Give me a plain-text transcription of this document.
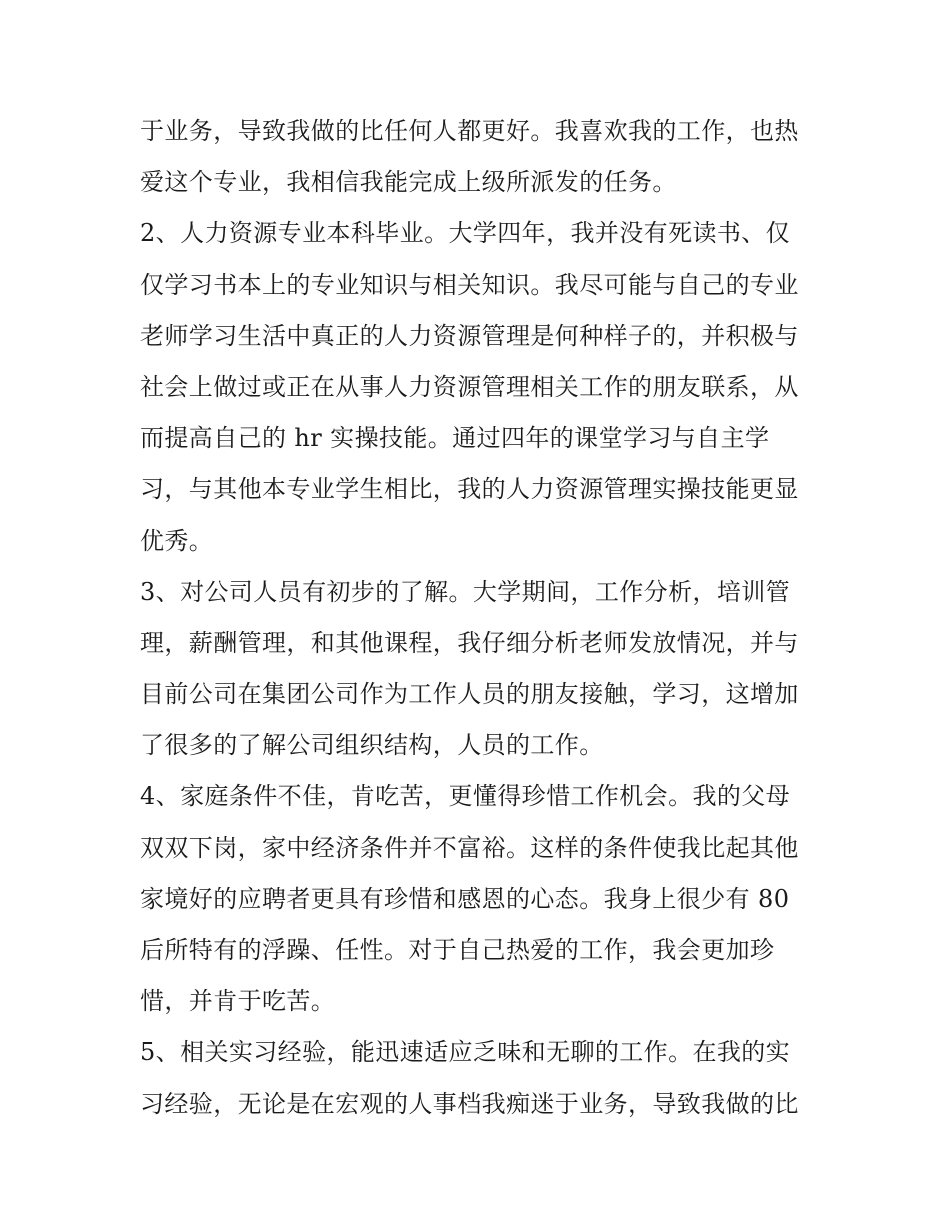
于业务，导致我做的比任何人都更好。我喜欢我的工作，也热
爱这个专业，我相信我能完成上级所派发的任务。
2、人力资源专业本科毕业。大学四年，我并没有死读书、仅
仅学习书本上的专业知识与相关知识。我尽可能与自己的专业
老师学习生活中真正的人力资源管理是何种样子的，并积极与
社会上做过或正在从事人力资源管理相关工作的朋友联系，从
而提高自己的 hr 实操技能。通过四年的课堂学习与自主学
习，与其他本专业学生相比，我的人力资源管理实操技能更显
优秀。
3、对公司人员有初步的了解。大学期间，工作分析，培训管
理，薪酬管理，和其他课程，我仔细分析老师发放情况，并与
目前公司在集团公司作为工作人员的朋友接触，学习，这增加
了很多的了解公司组织结构，人员的工作。
4、家庭条件不佳，肯吃苦，更懂得珍惜工作机会。我的父母
双双下岗，家中经济条件并不富裕。这样的条件使我比起其他
家境好的应聘者更具有珍惜和感恩的心态。我身上很少有 80
后所特有的浮躁、任性。对于自己热爱的工作，我会更加珍
惜，并肯于吃苦。
5、相关实习经验，能迅速适应乏味和无聊的工作。在我的实
习经验，无论是在宏观的人事档我痴迷于业务，导致我做的比
